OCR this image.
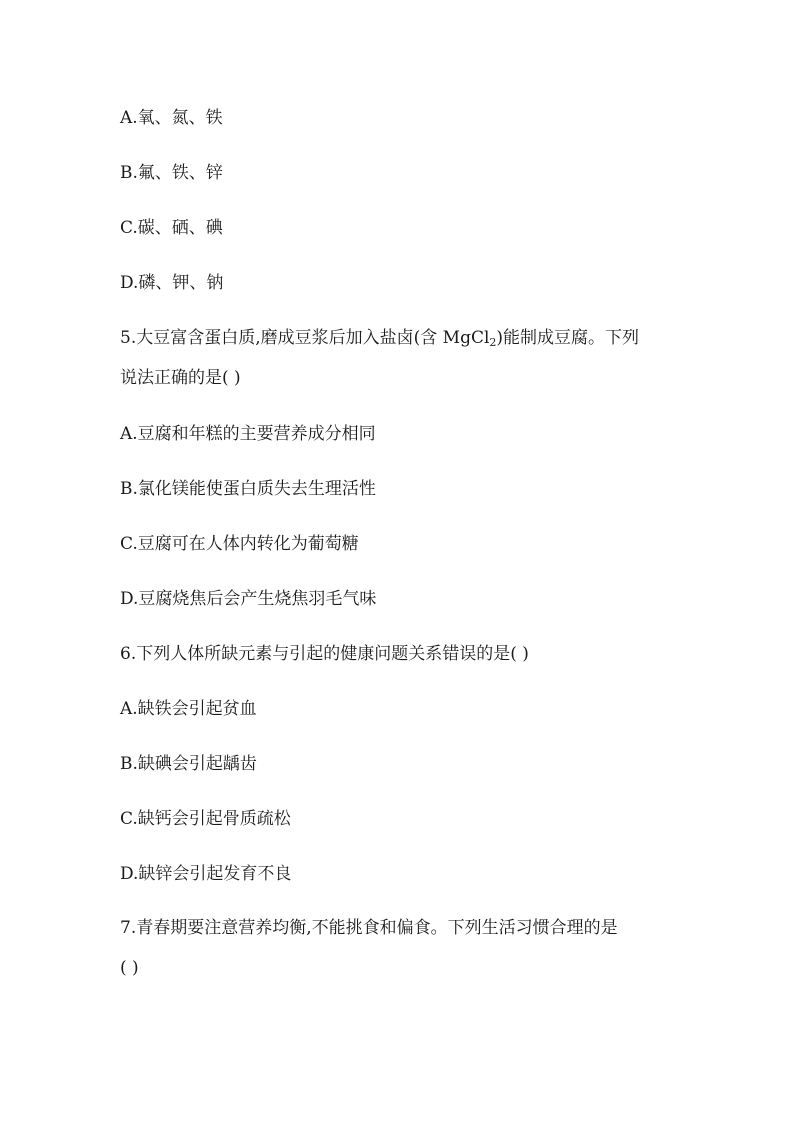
A.氧、氮、铁
B.氟、铁、锌
C.碳、硒、碘
D.磷、钾、钠
5.大豆富含蛋白质,磨成豆浆后加入盐卤(含 MgCl$_2$)能制成豆腐。下列
说法正确的是( )
A.豆腐和年糕的主要营养成分相同
B.氯化镁能使蛋白质失去生理活性
C.豆腐可在人体内转化为葡萄糖
D.豆腐烧焦后会产生烧焦羽毛气味
6.下列人体所缺元素与引起的健康问题关系错误的是( )
A.缺铁会引起贫血
B.缺碘会引起龋齿
C.缺钙会引起骨质疏松
D.缺锌会引起发育不良
7.青春期要注意营养均衡,不能挑食和偏食。下列生活习惯合理的是
( )
